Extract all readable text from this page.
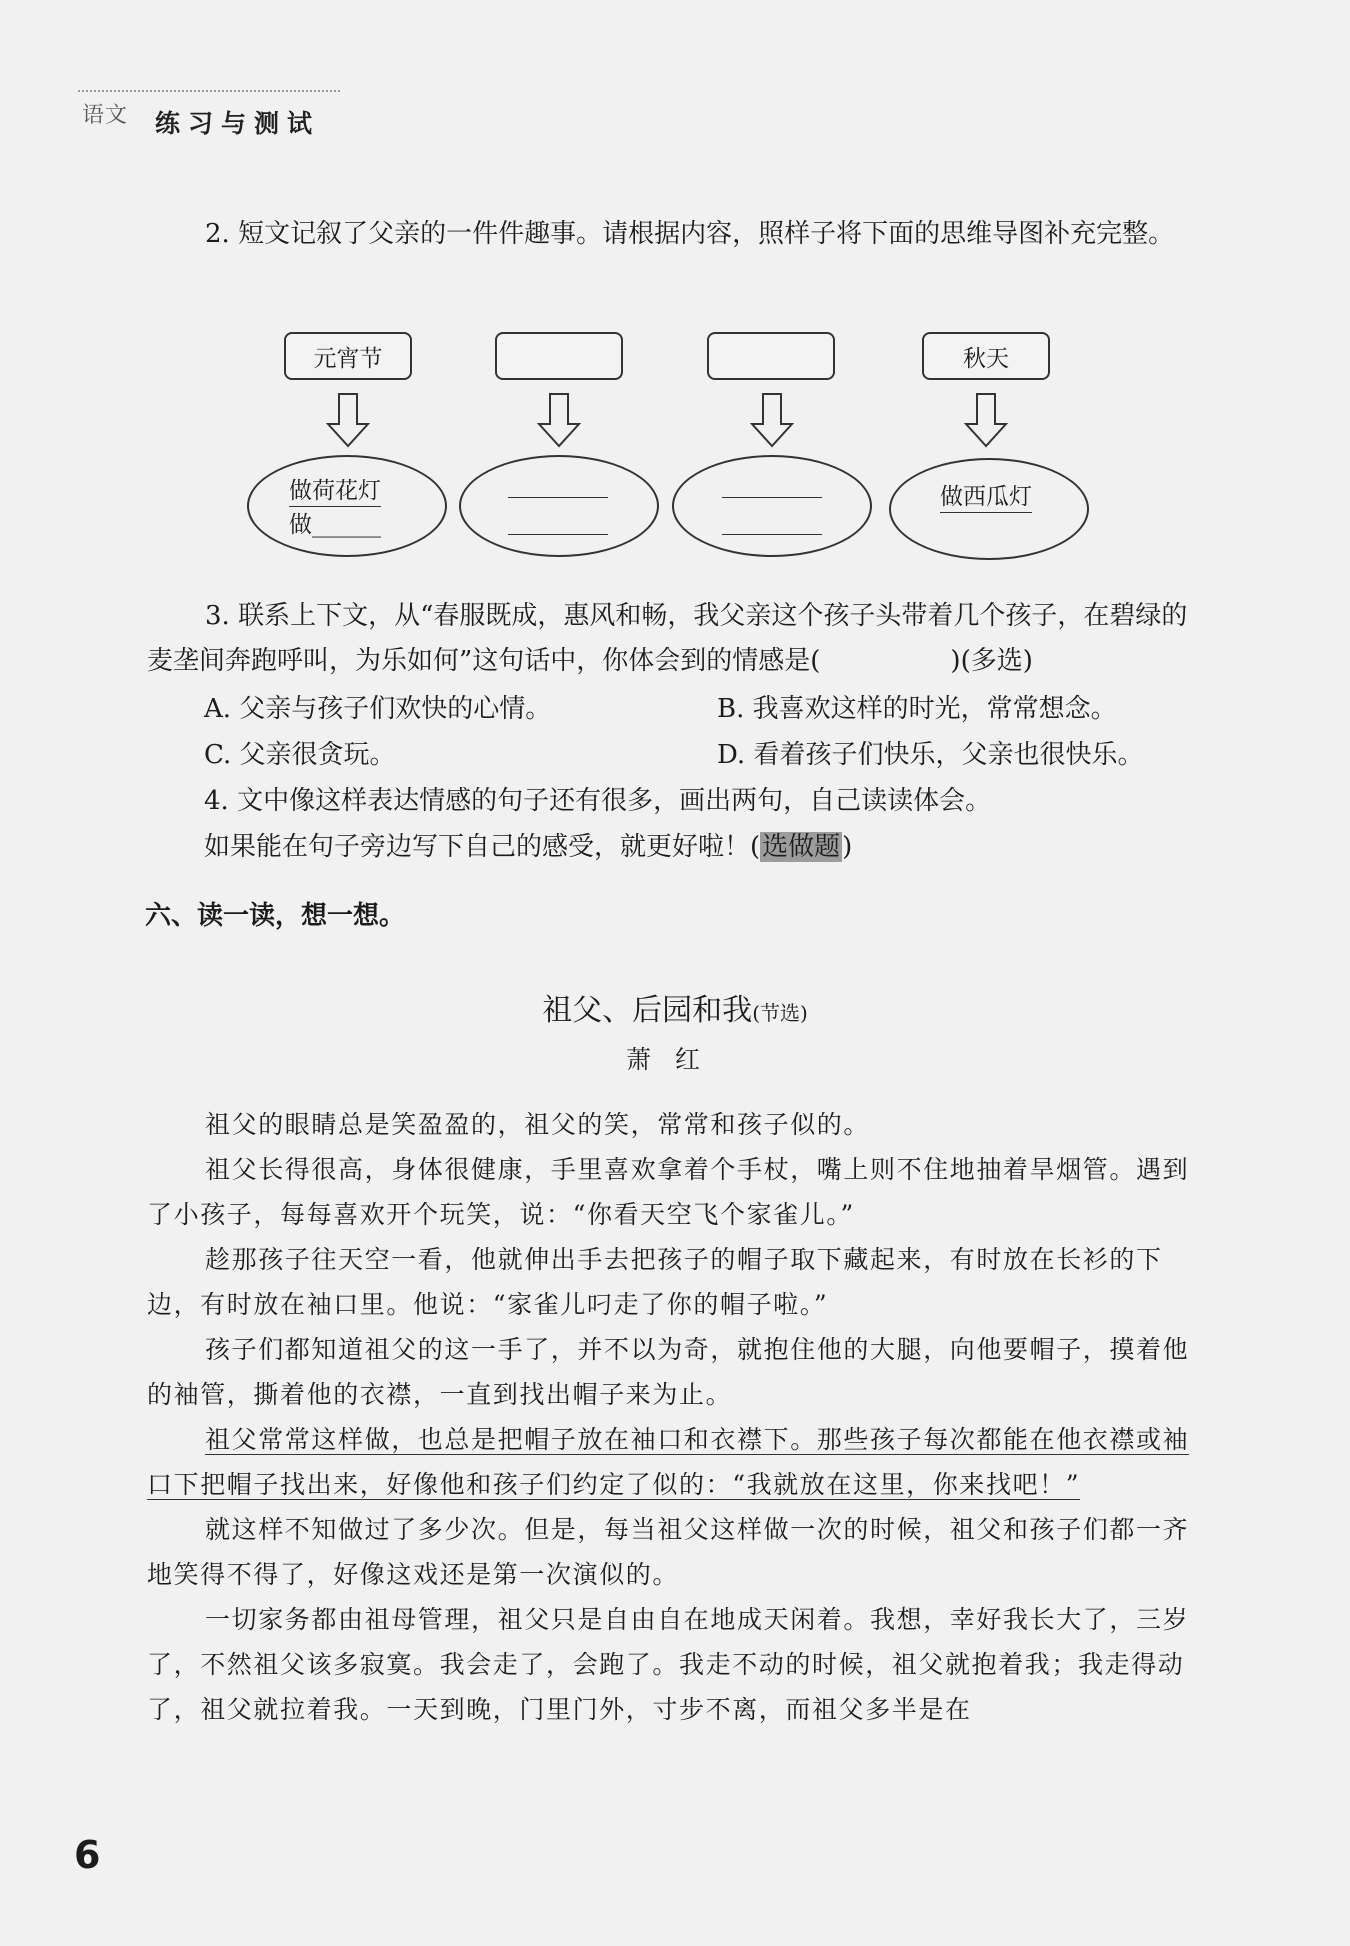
语文 练习与测试
2. 短文记叙了父亲的一件件趣事。请根据内容，照样子将下面的思维导图补充完整。
元宵节	秋天
做荷花灯
做______
做西瓜灯
3. 联系上下文，从“春服既成，惠风和畅，我父亲这个孩子头带着几个孩子，在碧绿的麦垄间奔跑呼叫，为乐如何”这句话中，你体会到的情感是(　　　　　)(多选)
A. 父亲与孩子们欢快的心情。	B. 我喜欢这样的时光，常常想念。
C. 父亲很贪玩。	D. 看着孩子们快乐，父亲也很快乐。
4. 文中像这样表达情感的句子还有很多，画出两句，自己读读体会。
如果能在句子旁边写下自己的感受，就更好啦！(选做题)
六、读一读，想一想。
祖父、后园和我(节选)
萧红
祖父的眼睛总是笑盈盈的，祖父的笑，常常和孩子似的。
祖父长得很高，身体很健康，手里喜欢拿着个手杖，嘴上则不住地抽着旱烟管。遇到了小孩子，每每喜欢开个玩笑，说：“你看天空飞个家雀儿。”
趁那孩子往天空一看，他就伸出手去把孩子的帽子取下藏起来，有时放在长衫的下边，有时放在袖口里。他说：“家雀儿叼走了你的帽子啦。”
孩子们都知道祖父的这一手了，并不以为奇，就抱住他的大腿，向他要帽子，摸着他的袖管，撕着他的衣襟，一直到找出帽子来为止。
祖父常常这样做，也总是把帽子放在袖口和衣襟下。那些孩子每次都能在他衣襟或袖口下把帽子找出来，好像他和孩子们约定了似的：“我就放在这里，你来找吧！”
就这样不知做过了多少次。但是，每当祖父这样做一次的时候，祖父和孩子们都一齐地笑得不得了，好像这戏还是第一次演似的。
一切家务都由祖母管理，祖父只是自由自在地成天闲着。我想，幸好我长大了，三岁了，不然祖父该多寂寞。我会走了，会跑了。我走不动的时候，祖父就抱着我；我走得动了，祖父就拉着我。一天到晚，门里门外，寸步不离，而祖父多半是在
6
